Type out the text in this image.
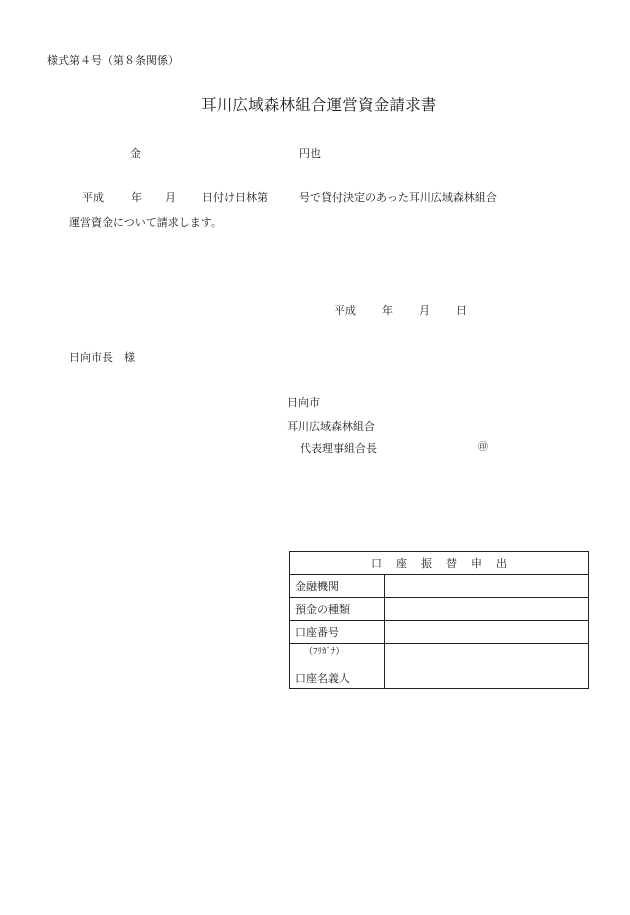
様式第４号（第８条関係）
耳川広域森林組合運営資金請求書
金	円也
平成 年 月 日付け日林第	号で貸付決定のあった耳川広域森林組合
運営資金について請求します。
平成 年 月 日
日向市長　様
日向市
耳川広域森林組合
代表理事組合長	㊞
口 座 振 替 申 出	
金融機関	
預金の種類	
口座番号	

（ﾌﾘｶﾞﾅ）
口座名義人	
